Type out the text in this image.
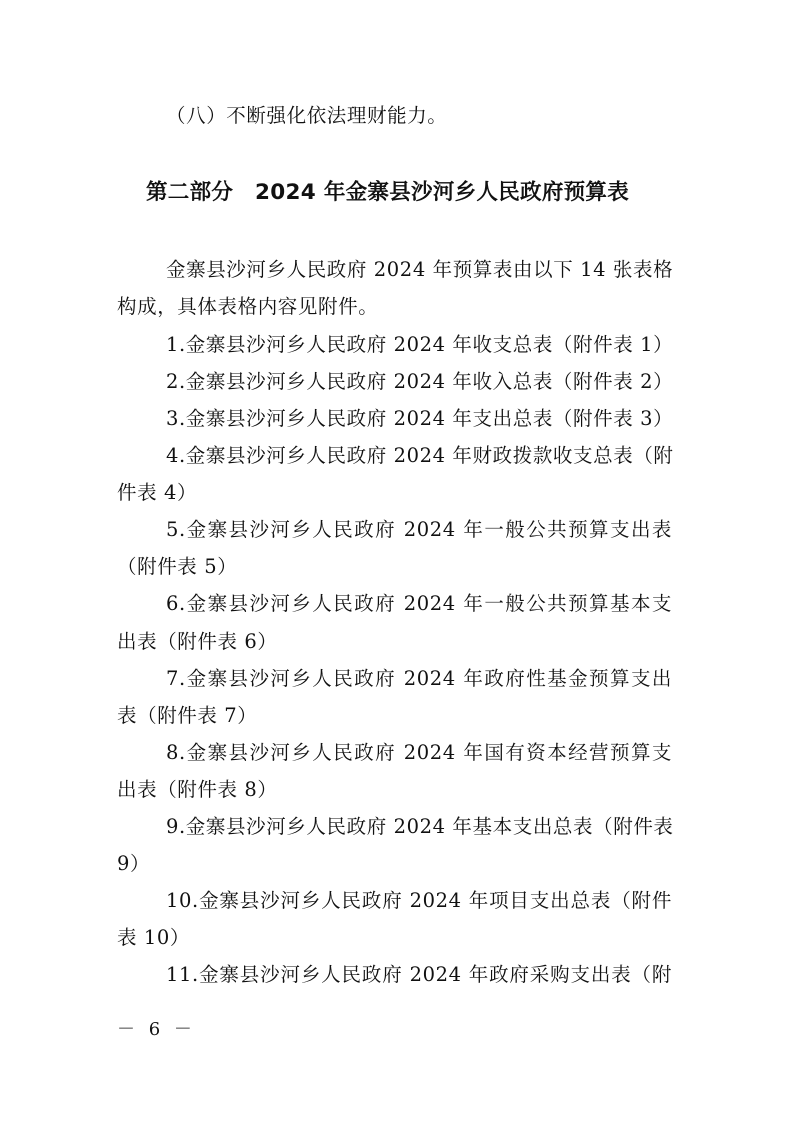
（八）不断强化依法理财能力。
第二部分　2024 年金寨县沙河乡人民政府预算表
金寨县沙河乡人民政府 2024 年预算表由以下 14 张表格
构成，具体表格内容见附件。
1.金寨县沙河乡人民政府 2024 年收支总表（附件表 1）
2.金寨县沙河乡人民政府 2024 年收入总表（附件表 2）
3.金寨县沙河乡人民政府 2024 年支出总表（附件表 3）
4.金寨县沙河乡人民政府 2024 年财政拨款收支总表（附
件表 4）
5.金寨县沙河乡人民政府 2024 年一般公共预算支出表
（附件表 5）
6.金寨县沙河乡人民政府 2024 年一般公共预算基本支
出表（附件表 6）
7.金寨县沙河乡人民政府 2024 年政府性基金预算支出
表（附件表 7）
8.金寨县沙河乡人民政府 2024 年国有资本经营预算支
出表（附件表 8）
9.金寨县沙河乡人民政府 2024 年基本支出总表（附件表
9）
10.金寨县沙河乡人民政府 2024 年项目支出总表（附件
表 10）
11.金寨县沙河乡人民政府 2024 年政府采购支出表（附
－ 6 －
